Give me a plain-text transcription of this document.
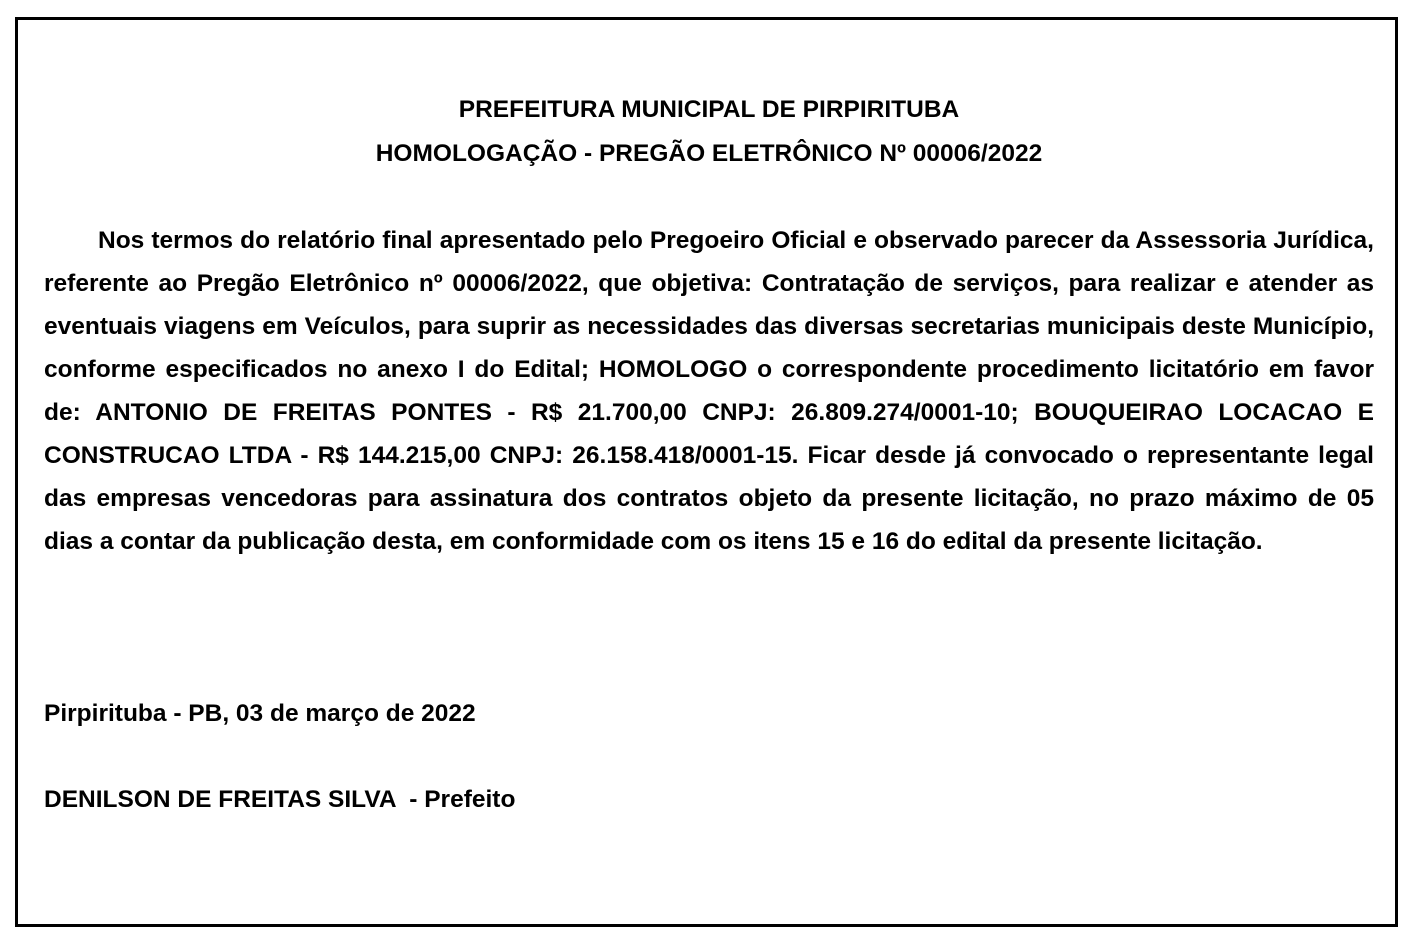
PREFEITURA MUNICIPAL DE PIRPIRITUBA
HOMOLOGAÇÃO - PREGÃO ELETRÔNICO Nº 00006/2022

Nos termos do relatório final apresentado pelo Pregoeiro Oficial e observado parecer da Assessoria Jurídica, referente ao Pregão Eletrônico nº 00006/2022, que objetiva: Contratação de serviços, para realizar e atender as eventuais viagens em Veículos, para suprir as necessidades das diversas secretarias municipais deste Município, conforme especificados no anexo I do Edital; HOMOLOGO o correspondente procedimento licitatório em favor de: ANTONIO DE FREITAS PONTES - R$ 21.700,00 CNPJ: 26.809.274/0001-10; BOUQUEIRAO LOCACAO E CONSTRUCAO LTDA - R$ 144.215,00 CNPJ: 26.158.418/0001-15. Ficar desde já convocado o representante legal das empresas vencedoras para assinatura dos contratos objeto da presente licitação, no prazo máximo de 05 dias a contar da publicação desta, em conformidade com os itens 15 e 16 do edital da presente licitação.

Pirpirituba - PB, 03 de março de 2022
DENILSON DE FREITAS SILVA  - Prefeito
